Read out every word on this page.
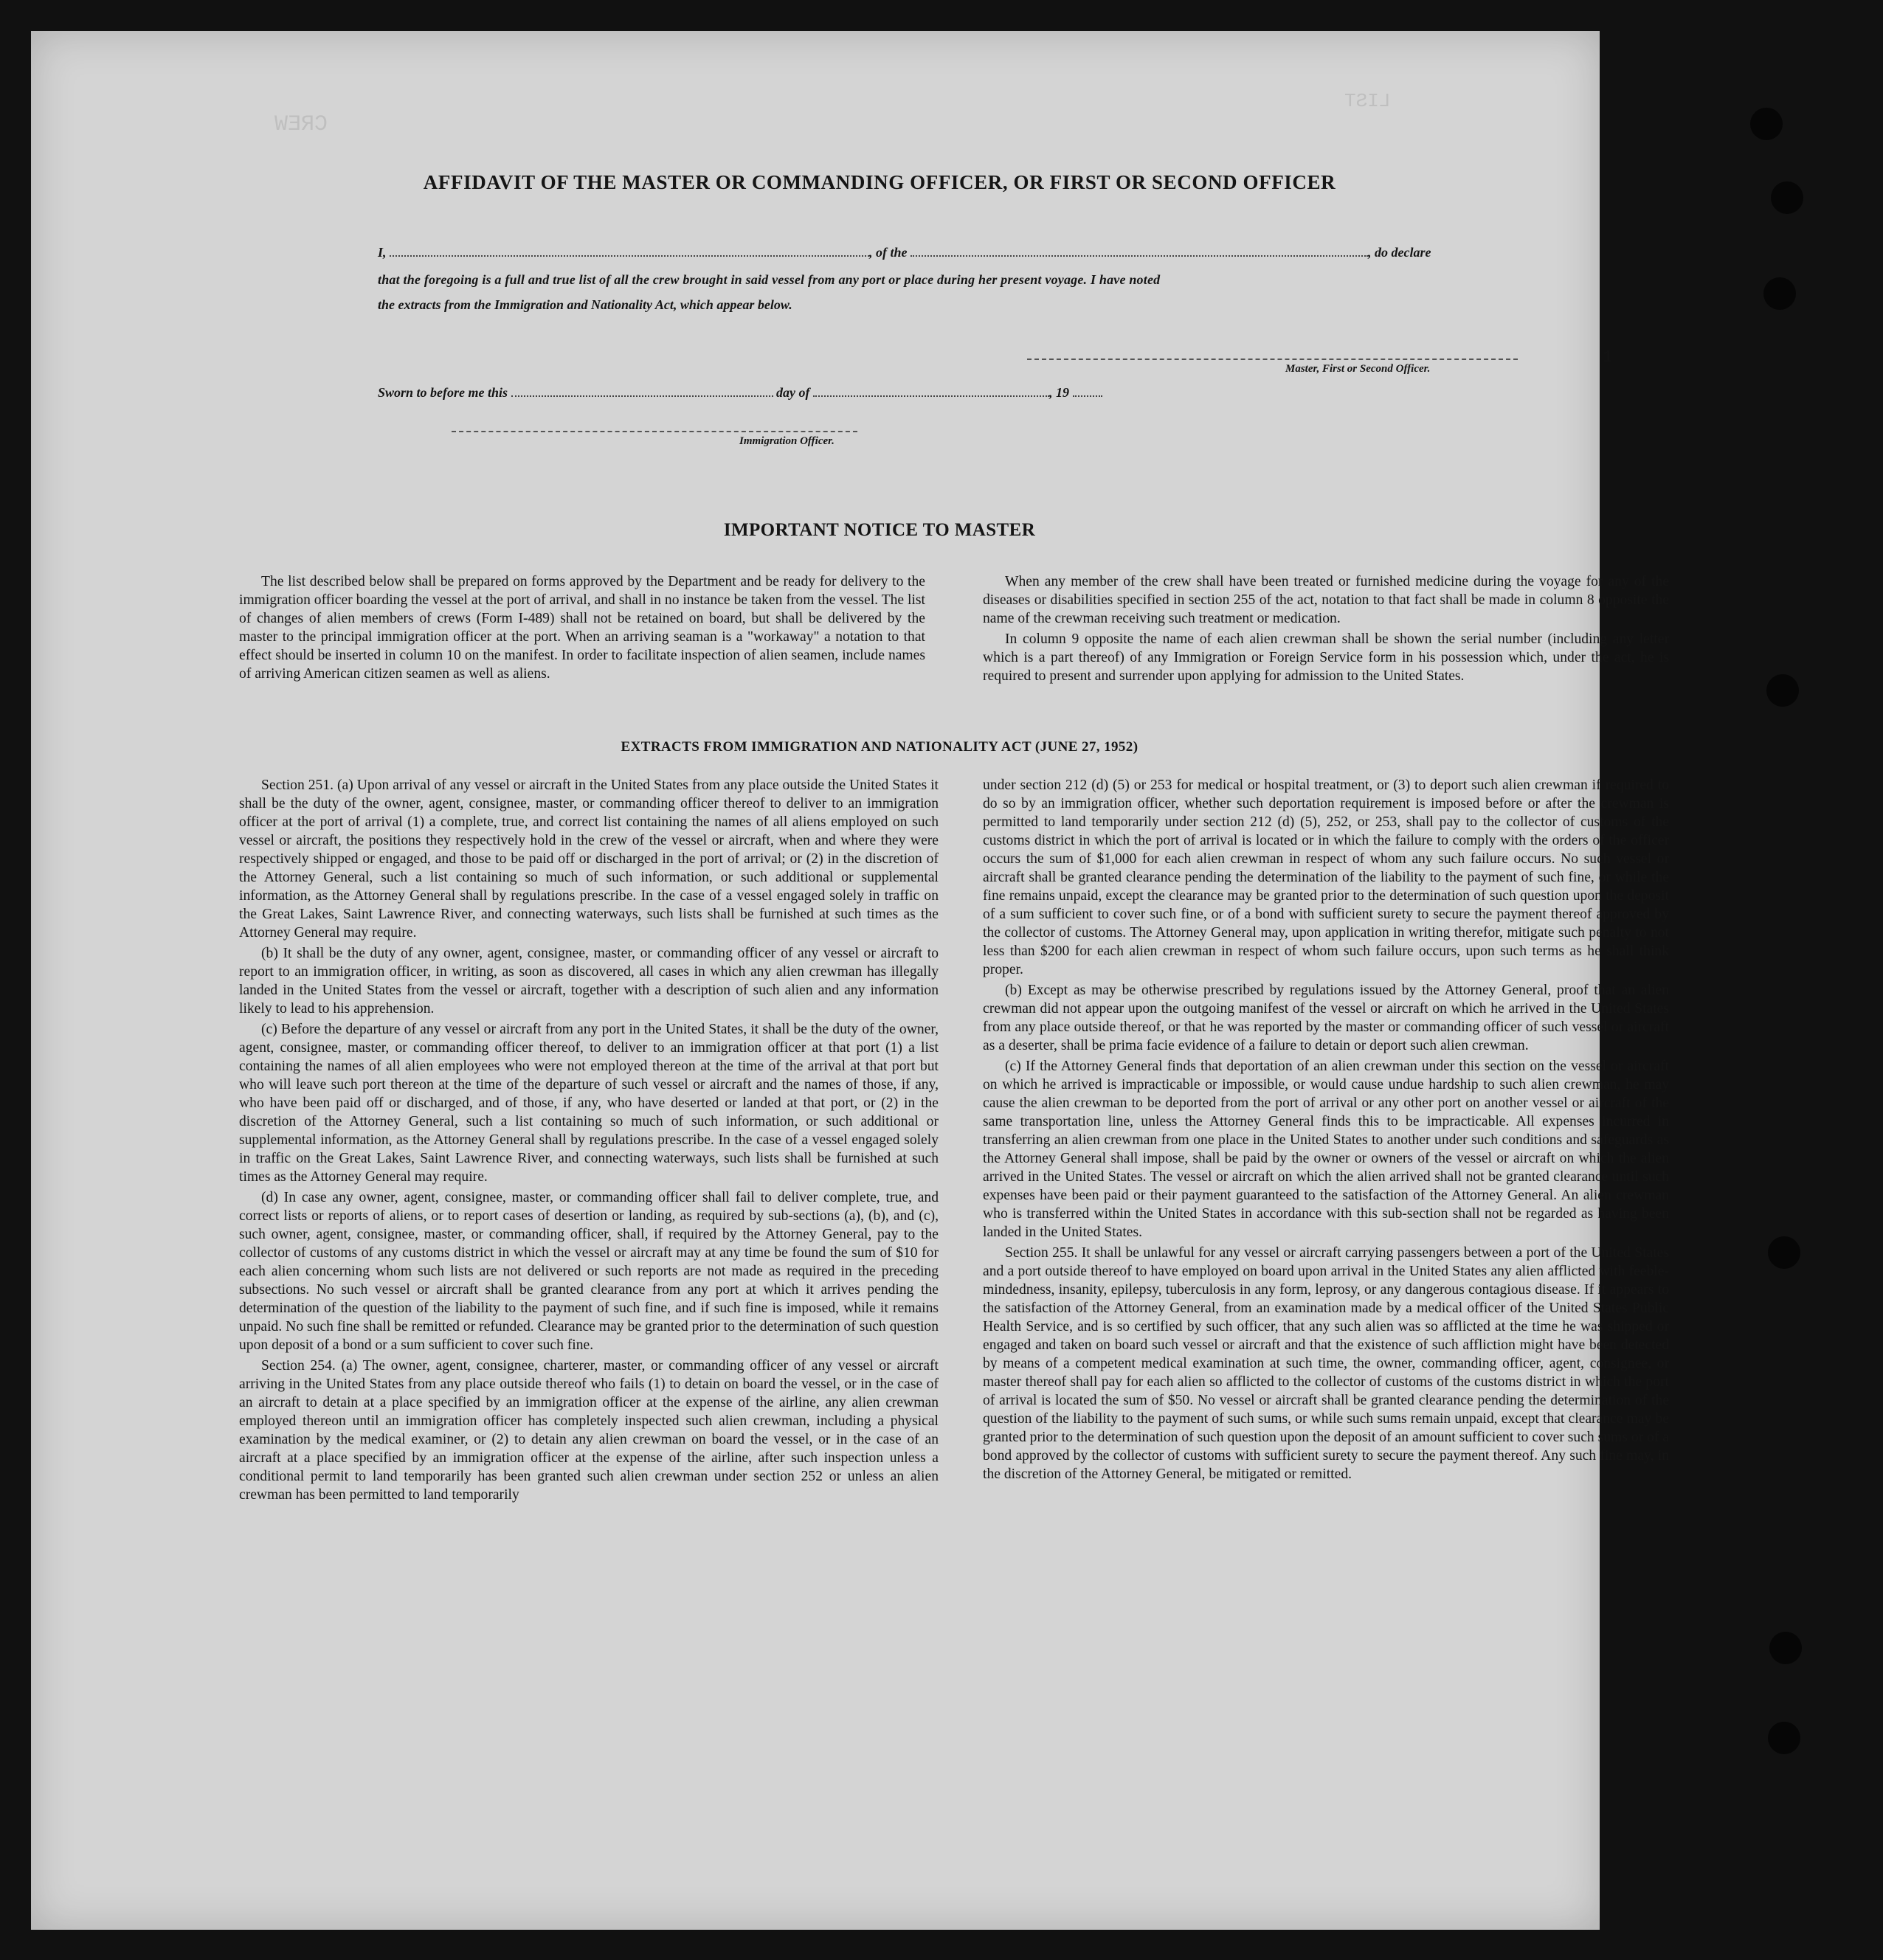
CREW
LIST
1
AFFIDAVIT OF THE MASTER OR COMMANDING OFFICER, OR FIRST OR SECOND OFFICER
I,	, of the	, do declare
that the foregoing is a full and true list of all the crew brought in said vessel from any port or place during her present voyage. I have noted
the extracts from the Immigration and Nationality Act, which appear below.
Master, First or Second Officer.
Sworn to before me this	day of	, 19
Immigration Officer.
IMPORTANT NOTICE TO MASTER

The list described below shall be prepared on forms approved by the Department and be ready for delivery to the immigration officer boarding the vessel at the port of arrival, and shall in no instance be taken from the vessel. The list of changes of alien members of crews (Form I-489) shall not be retained on board, but shall be delivered by the master to the principal immigration officer at the port. When an arriving seaman is a "workaway" a notation to that effect should be inserted in column 10 on the manifest. In order to facilitate inspection of alien seamen, include names of arriving American citizen seamen as well as aliens.

When any member of the crew shall have been treated or furnished medicine during the voyage for any of the diseases or disabilities specified in section 255 of the act, notation to that fact shall be made in column 8 opposite the name of the crewman receiving such treatment or medication.

In column 9 opposite the name of each alien crewman shall be shown the serial number (including any letter which is a part thereof) of any Immigration or Foreign Service form in his possession which, under the act, he is required to present and surrender upon applying for admission to the United States.

EXTRACTS FROM IMMIGRATION AND NATIONALITY ACT (JUNE 27, 1952)

Section 251. (a) Upon arrival of any vessel or aircraft in the United States from any place outside the United States it shall be the duty of the owner, agent, consignee, master, or commanding officer thereof to deliver to an immigration officer at the port of arrival (1) a complete, true, and correct list containing the names of all aliens employed on such vessel or aircraft, the positions they respectively hold in the crew of the vessel or aircraft, when and where they were respectively shipped or engaged, and those to be paid off or discharged in the port of arrival; or (2) in the discretion of the Attorney General, such a list containing so much of such information, or such additional or supplemental information, as the Attorney General shall by regulations prescribe. In the case of a vessel engaged solely in traffic on the Great Lakes, Saint Lawrence River, and connecting waterways, such lists shall be furnished at such times as the Attorney General may require.

(b) It shall be the duty of any owner, agent, consignee, master, or commanding officer of any vessel or aircraft to report to an immigration officer, in writing, as soon as discovered, all cases in which any alien crewman has illegally landed in the United States from the vessel or aircraft, together with a description of such alien and any information likely to lead to his apprehension.

(c) Before the departure of any vessel or aircraft from any port in the United States, it shall be the duty of the owner, agent, consignee, master, or commanding officer thereof, to deliver to an immigration officer at that port (1) a list containing the names of all alien employees who were not employed thereon at the time of the arrival at that port but who will leave such port thereon at the time of the departure of such vessel or aircraft and the names of those, if any, who have been paid off or discharged, and of those, if any, who have deserted or landed at that port, or (2) in the discretion of the Attorney General, such a list containing so much of such information, or such additional or supplemental information, as the Attorney General shall by regulations prescribe. In the case of a vessel engaged solely in traffic on the Great Lakes, Saint Lawrence River, and connecting waterways, such lists shall be furnished at such times as the Attorney General may require.

(d) In case any owner, agent, consignee, master, or commanding officer shall fail to deliver complete, true, and correct lists or reports of aliens, or to report cases of desertion or landing, as required by sub-sections (a), (b), and (c), such owner, agent, consignee, master, or commanding officer, shall, if required by the Attorney General, pay to the collector of customs of any customs district in which the vessel or aircraft may at any time be found the sum of $10 for each alien concerning whom such lists are not delivered or such reports are not made as required in the preceding subsections. No such vessel or aircraft shall be granted clearance from any port at which it arrives pending the determination of the question of the liability to the payment of such fine, and if such fine is imposed, while it remains unpaid. No such fine shall be remitted or refunded. Clearance may be granted prior to the determination of such question upon deposit of a bond or a sum sufficient to cover such fine.

Section 254. (a) The owner, agent, consignee, charterer, master, or commanding officer of any vessel or aircraft arriving in the United States from any place outside thereof who fails (1) to detain on board the vessel, or in the case of an aircraft to detain at a place specified by an immigration officer at the expense of the airline, any alien crewman employed thereon until an immigration officer has completely inspected such alien crewman, including a physical examination by the medical examiner, or (2) to detain any alien crewman on board the vessel, or in the case of an aircraft at a place specified by an immigration officer at the expense of the airline, after such inspection unless a conditional permit to land temporarily has been granted such alien crewman under section 252 or unless an alien crewman has been permitted to land temporarily

under section 212 (d) (5) or 253 for medical or hospital treatment, or (3) to deport such alien crewman if required to do so by an immigration officer, whether such deportation requirement is imposed before or after the crewman is permitted to land temporarily under section 212 (d) (5), 252, or 253, shall pay to the collector of customs of the customs district in which the port of arrival is located or in which the failure to comply with the orders of the officer occurs the sum of $1,000 for each alien crewman in respect of whom any such failure occurs. No such vessel or aircraft shall be granted clearance pending the determination of the liability to the payment of such fine, or while the fine remains unpaid, except the clearance may be granted prior to the determination of such question upon the deposit of a sum sufficient to cover such fine, or of a bond with sufficient surety to secure the payment thereof approved by the collector of customs. The Attorney General may, upon application in writing therefor, mitigate such penalty to not less than $200 for each alien crewman in respect of whom such failure occurs, upon such terms as he shall think proper.

(b) Except as may be otherwise prescribed by regulations issued by the Attorney General, proof that an alien crewman did not appear upon the outgoing manifest of the vessel or aircraft on which he arrived in the United States from any place outside thereof, or that he was reported by the master or commanding officer of such vessel or aircraft as a deserter, shall be prima facie evidence of a failure to detain or deport such alien crewman.

(c) If the Attorney General finds that deportation of an alien crewman under this section on the vessel or aircraft on which he arrived is impracticable or impossible, or would cause undue hardship to such alien crewman, he may cause the alien crewman to be deported from the port of arrival or any other port on another vessel or aircraft of the same transportation line, unless the Attorney General finds this to be impracticable. All expenses incurred in transferring an alien crewman from one place in the United States to another under such conditions and safeguards as the Attorney General shall impose, shall be paid by the owner or owners of the vessel or aircraft on which the alien arrived in the United States. The vessel or aircraft on which the alien arrived shall not be granted clearance until such expenses have been paid or their payment guaranteed to the satisfaction of the Attorney General. An alien crewman who is transferred within the United States in accordance with this sub-section shall not be regarded as having been landed in the United States.

Section 255. It shall be unlawful for any vessel or aircraft carrying passengers between a port of the United States and a port outside thereof to have employed on board upon arrival in the United States any alien afflicted with feeble-mindedness, insanity, epilepsy, tuberculosis in any form, leprosy, or any dangerous contagious disease. If it appears to the satisfaction of the Attorney General, from an examination made by a medical officer of the United States Public Health Service, and is so certified by such officer, that any such alien was so afflicted at the time he was shipped or engaged and taken on board such vessel or aircraft and that the existence of such affliction might have been detected by means of a competent medical examination at such time, the owner, commanding officer, agent, consignee, or master thereof shall pay for each alien so afflicted to the collector of customs of the customs district in which the port of arrival is located the sum of $50. No vessel or aircraft shall be granted clearance pending the determination of the question of the liability to the payment of such sums, or while such sums remain unpaid, except that clearance may be granted prior to the determination of such question upon the deposit of an amount sufficient to cover such sums or of a bond approved by the collector of customs with sufficient surety to secure the payment thereof. Any such fine may, in the discretion of the Attorney General, be mitigated or remitted.
